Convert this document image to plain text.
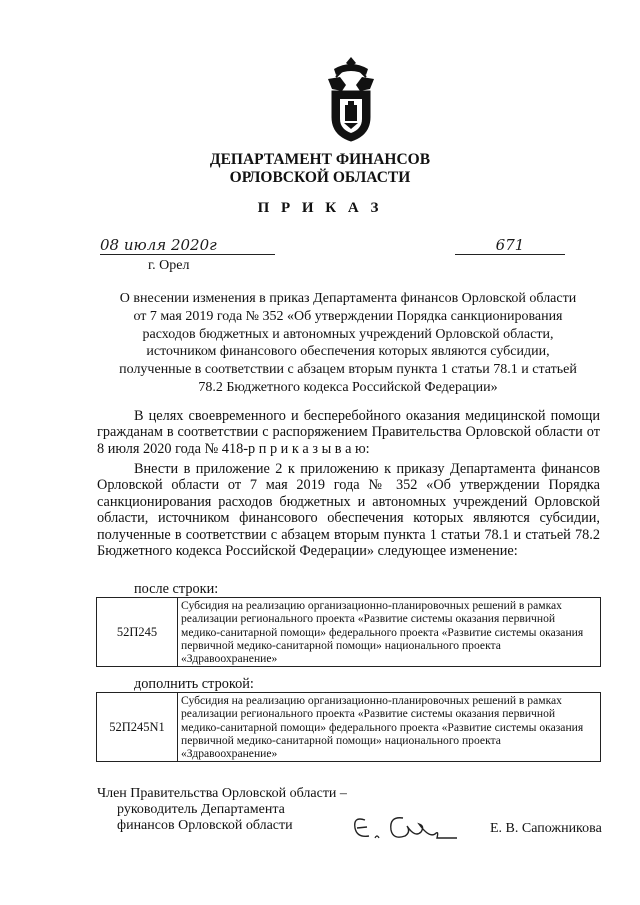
ДЕПАРТАМЕНТ ФИНАНСОВ
ОРЛОВСКОЙ ОБЛАСТИ
П Р И К А З
08 июля 2020г	671
г. Орел
О внесении изменения в приказ Департамента финансов Орловской области
от 7 мая 2019 года № 352 «Об утверждении Порядка санкционирования
расходов бюджетных и автономных учреждений Орловской области,
источником финансового обеспечения которых являются субсидии,
полученные в соответствии с абзацем вторым пункта 1 статьи 78.1 и статьей
78.2 Бюджетного кодекса Российской Федерации»
В целях своевременного и бесперебойного оказания медицинской помощи гражданам в соответствии с распоряжением Правительства Орловской области от 8 июля 2020 года № 418-р п р и к а з ы в а ю:
Внести в приложение 2 к приложению к приказу Департамента финансов Орловской области от 7 мая 2019 года № 352 «Об утверждении Порядка санкционирования расходов бюджетных и автономных учреждений Орловской области, источником финансового обеспечения которых являются субсидии, полученные в соответствии с абзацем вторым пункта 1 статьи 78.1 и статьей 78.2 Бюджетного кодекса Российской Федерации» следующее изменение:
после строки:
52П245	Субсидия на реализацию организационно-планировочных решений в рамках реализации регионального проекта «Развитие системы оказания первичной медико-санитарной помощи» федерального проекта «Развитие системы оказания первичной медико-санитарной помощи» национального проекта «Здравоохранение»
дополнить строкой:
52П245N1	Субсидия на реализацию организационно-планировочных решений в рамках реализации регионального проекта «Развитие системы оказания первичной медико-санитарной помощи» федерального проекта «Развитие системы оказания первичной медико-санитарной помощи» национального проекта «Здравоохранение»
Член Правительства Орловской области –
руководитель Департамента
финансов Орловской области	Е. В. Сапожникова
